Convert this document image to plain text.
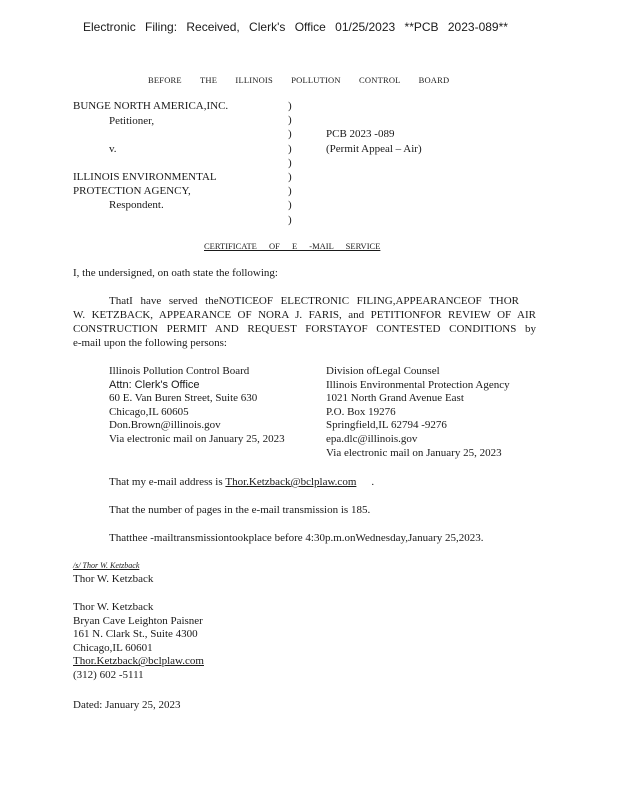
Electronic Filing: Received, Clerk's Office 01/25/2023 **PCB 2023-089**
BEFORE THE ILLINOIS POLLUTION CONTROL BOARD
BUNGE NORTH AMERICA,INC.
Petitioner,
v.
ILLINOIS ENVIRONMENTAL
PROTECTION AGENCY,
Respondent.
)
)
)
)
)
)
)
)
)
PCB 2023 -089
(Permit Appeal – Air)
CERTIFICATE OF E -MAIL SERVICE
I, the undersigned, on oath state the following:
ThatI have served theNOTICEOF ELECTRONIC FILING,APPEARANCEOF THOR
W. KETZBACK, APPEARANCE OF NORA J. FARIS, and PETITIONFOR REVIEW OF AIR
CONSTRUCTION PERMIT AND REQUEST FORSTAYOF CONTESTED CONDITIONS by
e-mail upon the following persons:
Illinois Pollution Control Board
Attn: Clerk's Office
60 E. Van Buren Street, Suite 630
Chicago,IL 60605
Don.Brown@illinois.gov
Via electronic mail on January 25, 2023
Division ofLegal Counsel
Illinois Environmental Protection Agency
1021 North Grand Avenue East
P.O. Box 19276
Springfield,IL 62794 -9276
epa.dlc@illinois.gov
Via electronic mail on January 25, 2023
That my e-mail address is Thor.Ketzback@bclplaw.com .
That the number of pages in the e-mail transmission is 185.
Thatthee -mailtransmissiontookplace before 4:30p.m.onWednesday,January 25,2023.
/s/ Thor W. Ketzback
Thor W. Ketzback
Thor W. Ketzback
Bryan Cave Leighton Paisner
161 N. Clark St., Suite 4300
Chicago,IL 60601
Thor.Ketzback@bclplaw.com
(312) 602 -5111
Dated: January 25, 2023
